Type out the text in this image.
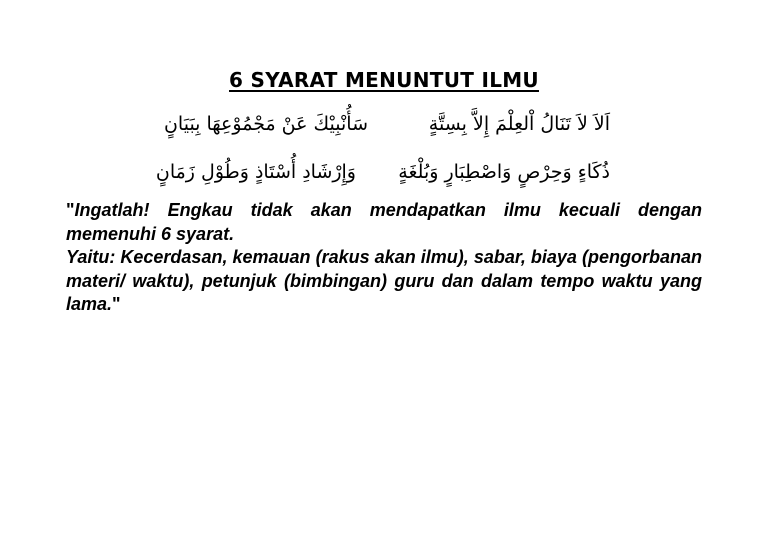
6 SYARAT MENUNTUT ILMU
اَلاَ لاَ تَنَالُ اْلعِلْمَ إِلاَّ بِسِتَّةٍ
سَأُنْبِيْكَ عَنْ مَجْمُوْعِهَا بِبَيَانٍ
ذُكَاءٍ وَحِرْصٍ وَاصْطِبَارٍ وَبُلْغَةٍ
وَإِرْشَادِ أُسْتَاذٍ وَطُوْلِ زَمَانٍ

"Ingatlah! Engkau tidak akan mendapatkan ilmu kecuali dengan memenuhi 6 syarat.

Yaitu: Kecerdasan, kemauan (rakus akan ilmu), sabar, biaya (pengorbanan materi/ waktu), petunjuk (bimbingan) guru dan dalam tempo waktu yang lama."
